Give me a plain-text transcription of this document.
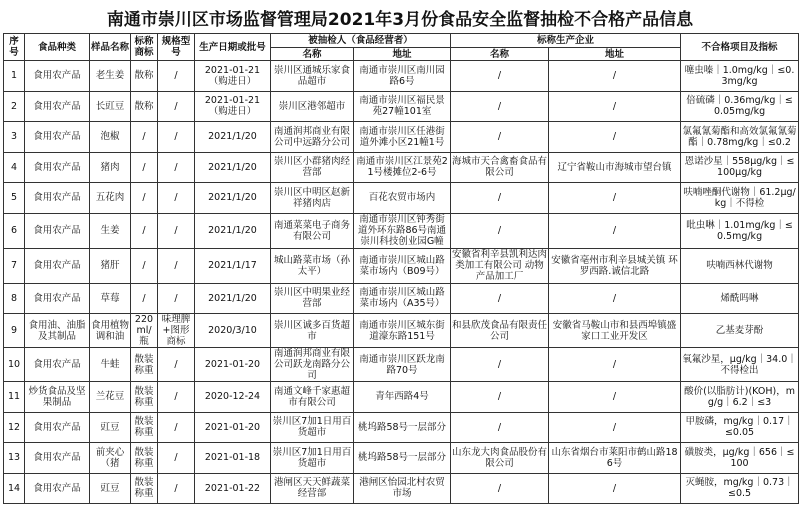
南通市崇川区市场监督管理局2021年3月份食品安全监督抽检不合格产品信息
序号	食品种类	样品名称	标称商标	规格型号	生产日期或批号	被抽检人（食品经营者）		标称生产企业		不合格项目及指标
						名称	地址	名称	地址	
1	食用农产品	老生姜	散称	/	2021-01-21（购进日）	崇川区通城乐家食品超市	南通市崇川区南川园路6号	/	/	噻虫嗪｜1.0mg/kg｜≤0.3mg/kg
2	食用农产品	长豇豆	散称	/	2021-01-21（购进日）	崇川区港邻超市	南通市崇川区福民景苑27幢101室	/	/	倍硫磷｜0.36mg/kg｜≤0.05mg/kg
3	食用农产品	泡椒	/	/	2021/1/20	南通润邦商业有限公司中远路分公司	南通市崇川区任港街道外滩小区21幢1号	/	/	氯氟氰菊酯和高效氯氟氰菊酯｜0.78mg/kg｜≤0.2
4	食用农产品	猪肉	/	/	2021/1/20	崇川区小群猪肉经营部	南通市崇川区江景苑21号楼摊位2-6号	海城市天合禽畜食品有限公司	辽宁省鞍山市海城市望台镇	恩诺沙星｜558μg/kg｜≤100μg/kg
5	食用农产品	五花肉	/	/	2021/1/20	崇川区中明区赵新祥猪肉店	百花农贸市场内	/	/	呋喃唑酮代谢物｜61.2μg/kg｜不得检
6	食用农产品	生姜	/	/	2021/1/20	南通菜菜电子商务有限公司	南通市崇川区钟秀街道外环东路86号南通崇川科技创业园G幢	/	/	吡虫啉｜1.01mg/kg｜≤0.5mg/kg
7	食用农产品	猪肝	/	/	2021/1/17	城山路菜市场（孙太平）	南通市崇川区城山路菜市场内（B09号）	安徽省利辛县凯利达肉类加工有限公司 动物产品加工厂	安徽省亳州市利辛县城关镇 环罗西路.诚信北路	呋喃西林代谢物
8	食用农产品	草莓	/	/	2021/1/20	崇川区中明果业经营部	南通市崇川区城山路菜市场内（A35号）	/	/	烯酰吗啉
9	食用油、油脂及其制品	食用植物调和油	220ml/瓶	味理脾+图形商标	2020/3/10	崇川区诚多百货超市	南通市崇川区城东街道濠东路151号	和县欣茂食品有限责任公司	安徽省马鞍山市和县西埠镇盛家口工业开发区	乙基麦芽酚
10	食用农产品	牛蛙	散装称重	/	2021-01-20	南通润邦商业有限公司跃龙南路分公司	南通市崇川区跃龙南路70号	/	/	氧氟沙星，μg/kg｜34.0｜不得检出
11	炒货食品及坚果制品	兰花豆	散装称重	/	2020-12-24	南通文峰千家惠超市有限公司	青年西路4号	/	/	酸价(以脂肪计)(KOH)，mg/g｜6.2｜≤3
12	食用农产品	豇豆	散装称重	/	2021-01-20	崇川区7加1日用百货超市	桃坞路58号一层部分	/	/	甲胺磷，mg/kg｜0.17｜≤0.05
13	食用农产品	前夹心（猪	散装称重	/	2021-01-18	崇川区7加1日用百货超市	桃坞路58号一层部分	山东龙大肉食品股份有限公司	山东省烟台市莱阳市鹤山路186号	磺胺类，μg/kg｜656｜≤100
14	食用农产品	豇豆	散装称重	/	2021-01-22	港闸区天天鲜蔬菜经营部	港闸区怡园北村农贸市场	/	/	灭蝇胺，mg/kg｜0.73｜≤0.5
